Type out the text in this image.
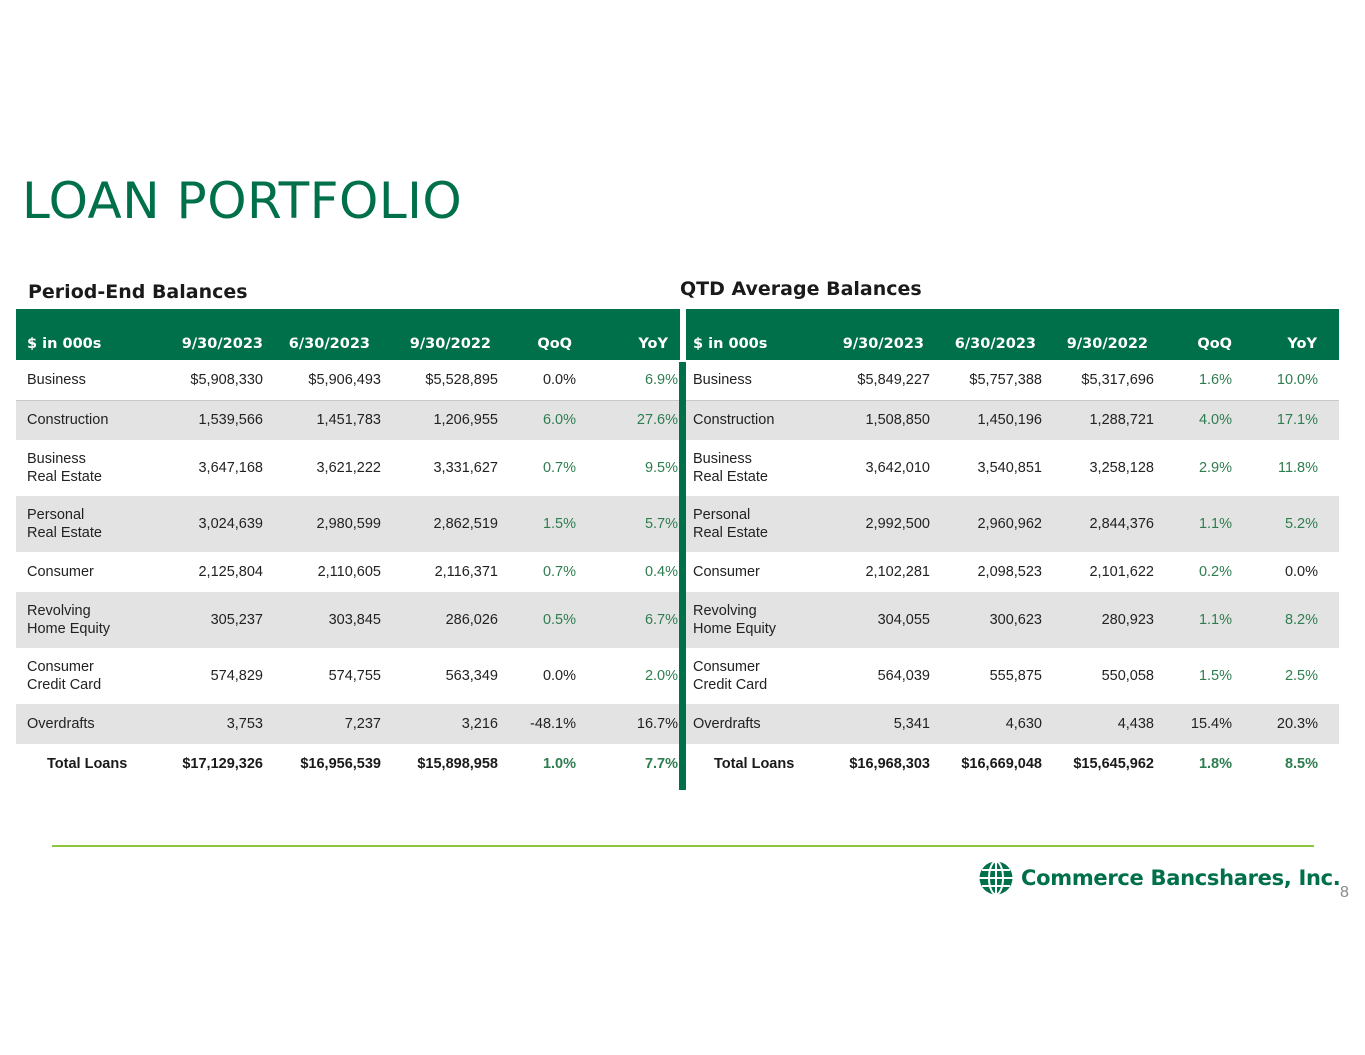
LOAN PORTFOLIO
Period-End Balances	QTD Average Balances
$ in 000s	9/30/2023	6/30/2023	9/30/2022	QoQ	YoY
Business	$5,908,330	$5,906,493	$5,528,895	0.0%	6.9%
Construction	1,539,566	1,451,783	1,206,955	6.0%	27.6%
Business
Real Estate	3,647,168	3,621,222	3,331,627	0.7%	9.5%
Personal
Real Estate	3,024,639	2,980,599	2,862,519	1.5%	5.7%
Consumer	2,125,804	2,110,605	2,116,371	0.7%	0.4%
Revolving
Home Equity	305,237	303,845	286,026	0.5%	6.7%
Consumer
Credit Card	574,829	574,755	563,349	0.0%	2.0%
Overdrafts	3,753	7,237	3,216	-48.1%	16.7%
Total Loans	$17,129,326	$16,956,539	$15,898,958	1.0%	7.7%
$ in 000s	9/30/2023	6/30/2023	9/30/2022	QoQ	YoY
Business	$5,849,227	$5,757,388	$5,317,696	1.6%	10.0%
Construction	1,508,850	1,450,196	1,288,721	4.0%	17.1%
Business
Real Estate	3,642,010	3,540,851	3,258,128	2.9%	11.8%
Personal
Real Estate	2,992,500	2,960,962	2,844,376	1.1%	5.2%
Consumer	2,102,281	2,098,523	2,101,622	0.2%	0.0%
Revolving
Home Equity	304,055	300,623	280,923	1.1%	8.2%
Consumer
Credit Card	564,039	555,875	550,058	1.5%	2.5%
Overdrafts	5,341	4,630	4,438	15.4%	20.3%
Total Loans	$16,968,303	$16,669,048	$15,645,962	1.8%	8.5%
Commerce Bancshares, Inc.
8
